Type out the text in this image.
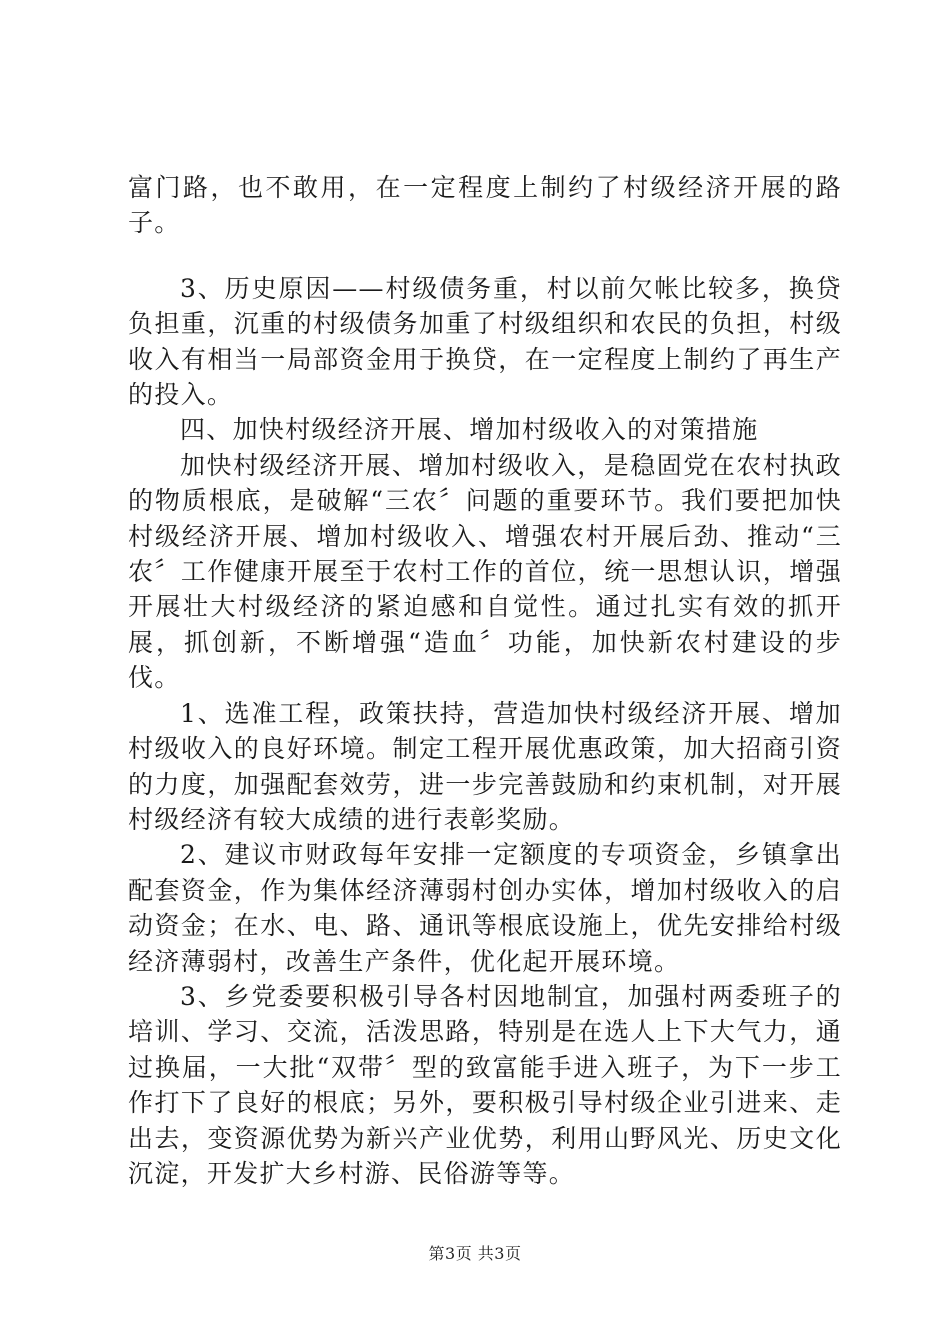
富门路，也不敢用，在一定程度上制约了村级经济开展的路子。

3、历史原因——村级债务重，村以前欠帐比较多，换贷负担重，沉重的村级债务加重了村级组织和农民的负担，村级收入有相当一局部资金用于换贷，在一定程度上制约了再生产的投入。

四、加快村级经济开展、增加村级收入的对策措施

加快村级经济开展、增加村级收入，是稳固党在农村执政的物质根底，是破解“三农〞问题的重要环节。我们要把加快村级经济开展、增加村级收入、增强农村开展后劲、推动“三农〞工作健康开展至于农村工作的首位，统一思想认识，增强开展壮大村级经济的紧迫感和自觉性。通过扎实有效的抓开展，抓创新，不断增强“造血〞功能，加快新农村建设的步伐。

1、选准工程，政策扶持，营造加快村级经济开展、增加村级收入的良好环境。制定工程开展优惠政策，加大招商引资的力度，加强配套效劳，进一步完善鼓励和约束机制，对开展村级经济有较大成绩的进行表彰奖励。

2、建议市财政每年安排一定额度的专项资金，乡镇拿出配套资金，作为集体经济薄弱村创办实体，增加村级收入的启动资金；在水、电、路、通讯等根底设施上，优先安排给村级经济薄弱村，改善生产条件，优化起开展环境。

3、乡党委要积极引导各村因地制宜，加强村两委班子的培训、学习、交流，活泼思路，特别是在选人上下大气力，通过换届，一大批“双带〞型的致富能手进入班子，为下一步工作打下了良好的根底；另外，要积极引导村级企业引进来、走出去，变资源优势为新兴产业优势，利用山野风光、历史文化沉淀，开发扩大乡村游、民俗游等等。

第3页 共3页
